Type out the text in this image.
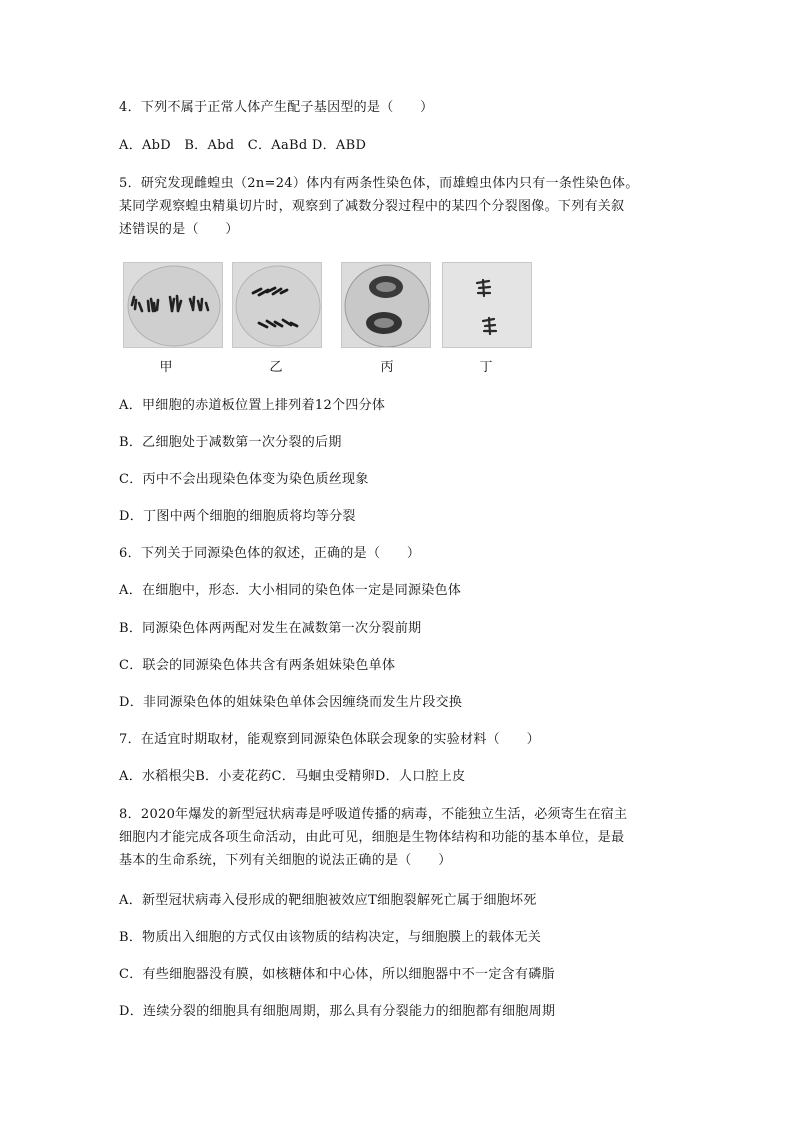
4．下列不属于正常人体产生配子基因型的是（　　）
A．AbD　B．Abd　C．AaBd D．ABD
5．研究发现雌蝗虫（2n=24）体内有两条性染色体，而雄蝗虫体内只有一条性染色体。
某同学观察蝗虫精巢切片时，观察到了减数分裂过程中的某四个分裂图像。下列有关叙
述错误的是（　　）
甲	乙	丙	丁
A．甲细胞的赤道板位置上排列着12个四分体
B．乙细胞处于减数第一次分裂的后期
C．丙中不会出现染色体变为染色质丝现象
D．丁图中两个细胞的细胞质将均等分裂
6．下列关于同源染色体的叙述，正确的是（　　）
A．在细胞中，形态．大小相同的染色体一定是同源染色体
B．同源染色体两两配对发生在减数第一次分裂前期
C．联会的同源染色体共含有两条姐妹染色单体
D．非同源染色体的姐妹染色单体会因缠绕而发生片段交换
7．在适宜时期取材，能观察到同源染色体联会现象的实验材料（　　）
A．水稻根尖B．小麦花药C．马蛔虫受精卵D．人口腔上皮
8．2020年爆发的新型冠状病毒是呼吸道传播的病毒，不能独立生活，必须寄生在宿主
细胞内才能完成各项生命活动，由此可见，细胞是生物体结构和功能的基本单位，是最
基本的生命系统，下列有关细胞的说法正确的是（　　）
A．新型冠状病毒入侵形成的靶细胞被效应T细胞裂解死亡属于细胞坏死
B．物质出入细胞的方式仅由该物质的结构决定，与细胞膜上的载体无关
C．有些细胞器没有膜，如核糖体和中心体，所以细胞器中不一定含有磷脂
D．连续分裂的细胞具有细胞周期，那么具有分裂能力的细胞都有细胞周期
